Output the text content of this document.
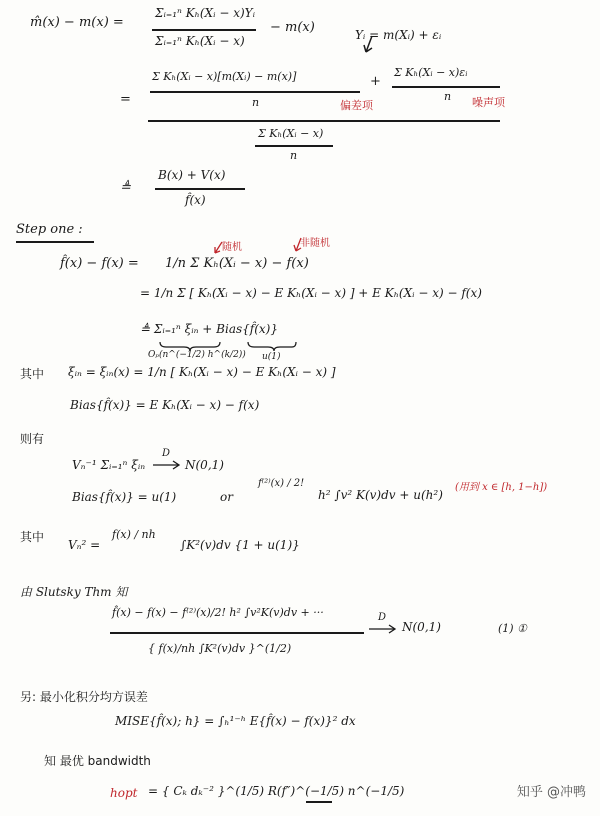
m̂(x) − m(x) =
Σᵢ₌₁ⁿ Kₕ(Xᵢ − x)Yᵢ
Σᵢ₌₁ⁿ Kₕ(Xᵢ − x)
− m(x)	Yᵢ = m(Xᵢ) + εᵢ
=
Σ Kₕ(Xᵢ − x)[m(Xᵢ) − m(x)]
n
+
Σ Kₕ(Xᵢ − x)εᵢ
n
Σ Kₕ(Xᵢ − x)
n
偏差项	噪声项
≜
B(x) + V(x)
f̂(x)
Step one :
f̂(x) − f(x) = 1/n Σ Kₕ(Xᵢ − x) − f(x)
随机	非随机
= 1/n Σ [ Kₕ(Xᵢ − x) − E Kₕ(Xᵢ − x) ] + E Kₕ(Xᵢ − x) − f(x)
≜ Σᵢ₌₁ⁿ ξᵢₙ + Bias{f̂(x)}
Oₚ(n^(−1/2) h^(k/2)) u(1)
其中 ξᵢₙ = ξᵢₙ(x) = 1/n [ Kₕ(Xᵢ − x) − E Kₕ(Xᵢ − x) ]
Bias{f̂(x)} = E Kₕ(Xᵢ − x) − f(x)
则有
Vₙ⁻¹ Σᵢ₌₁ⁿ ξᵢₙ
D
N(0,1)
Bias{f̂(x)} = u(1)	or
f⁽²⁾(x) / 2!
h² ∫v² K(v)dv + u(h²)
(用到 x ∈ [h, 1−h])
其中
Vₙ² =
f(x) / nh
∫K²(v)dv {1 + u(1)}
由 Slutsky Thm 知
f̂(x) − f(x) − f⁽²⁾(x)/2! h² ∫v²K(v)dv + ···
{ f(x)/nh ∫K²(v)dv }^(1/2)
D
N(0,1)	(1) ①
另: 最小化积分均方误差
MISE{f̂(x); h} = ∫ₕ¹⁻ʰ E{f̂(x) − f(x)}² dx
知 最优 bandwidth
hopt = { Cₖ dₖ⁻² }^(1/5) R(f″)^(−1/5) n^(−1/5)	知乎 @冲鸭
